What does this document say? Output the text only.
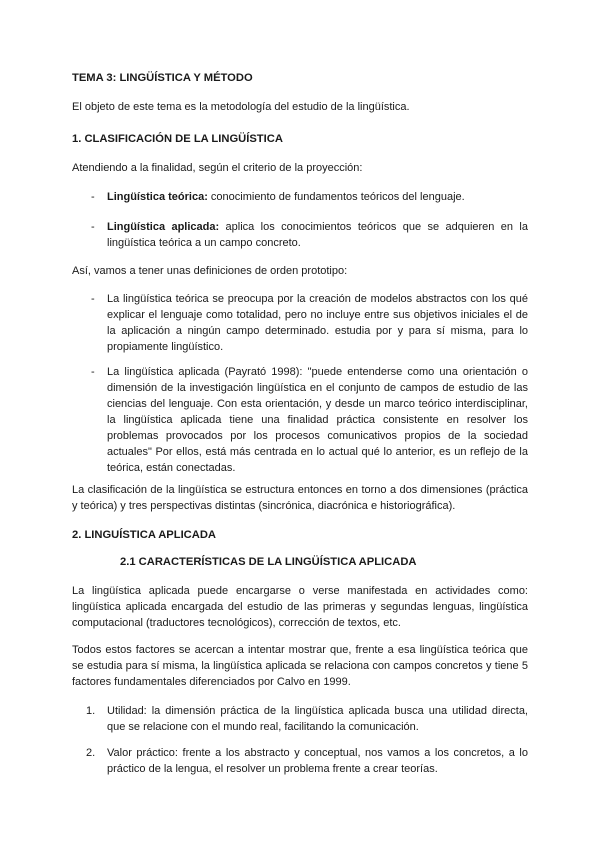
TEMA 3: LINGÜÍSTICA Y MÉTODO
El objeto de este tema es la metodología del estudio de la lingüística.
1. CLASIFICACIÓN DE LA LINGÜÍSTICA
Atendiendo a la finalidad, según el criterio de la proyección:
-	Lingüística teórica: conocimiento de fundamentos teóricos del lenguaje.
-	Lingüística aplicada: aplica los conocimientos teóricos que se adquieren en la lingüística teórica a un campo concreto.
Así, vamos a tener unas definiciones de orden prototipo:
-	La lingüística teórica se preocupa por la creación de modelos abstractos con los qué explicar el lenguaje como totalidad, pero no incluye entre sus objetivos iniciales el de la aplicación a ningún campo determinado. estudia por y para sí misma, para lo propiamente lingüístico.
-	La lingüística aplicada (Payrató 1998): "puede entenderse como una orientación o dimensión de la investigación lingüística en el conjunto de campos de estudio de las ciencias del lenguaje. Con esta orientación, y desde un marco teórico interdisciplinar, la lingüística aplicada tiene una finalidad práctica consistente en resolver los problemas provocados por los procesos comunicativos propios de la sociedad actuales" Por ellos, está más centrada en lo actual qué lo anterior, es un reflejo de la teórica, están conectadas.
La clasificación de la lingüística se estructura entonces en torno a dos dimensiones (práctica y teórica) y tres perspectivas distintas (sincrónica, diacrónica e historiográfica).
2. LINGUÍSTICA APLICADA
2.1 CARACTERÍSTICAS DE LA LINGÜÍSTICA APLICADA
La lingüística aplicada puede encargarse o verse manifestada en actividades como: lingüística aplicada encargada del estudio de las primeras y segundas lenguas, lingüística computacional (traductores tecnológicos), corrección de textos, etc.
Todos estos factores se acercan a intentar mostrar que, frente a esa lingüística teórica que se estudia para sí misma, la lingüística aplicada se relaciona con campos concretos y tiene 5 factores fundamentales diferenciados por Calvo en 1999.
1.	Utilidad: la dimensión práctica de la lingüística aplicada busca una utilidad directa, que se relacione con el mundo real, facilitando la comunicación.
2.	Valor práctico: frente a los abstracto y conceptual, nos vamos a los concretos, a lo práctico de la lengua, el resolver un problema frente a crear teorías.
